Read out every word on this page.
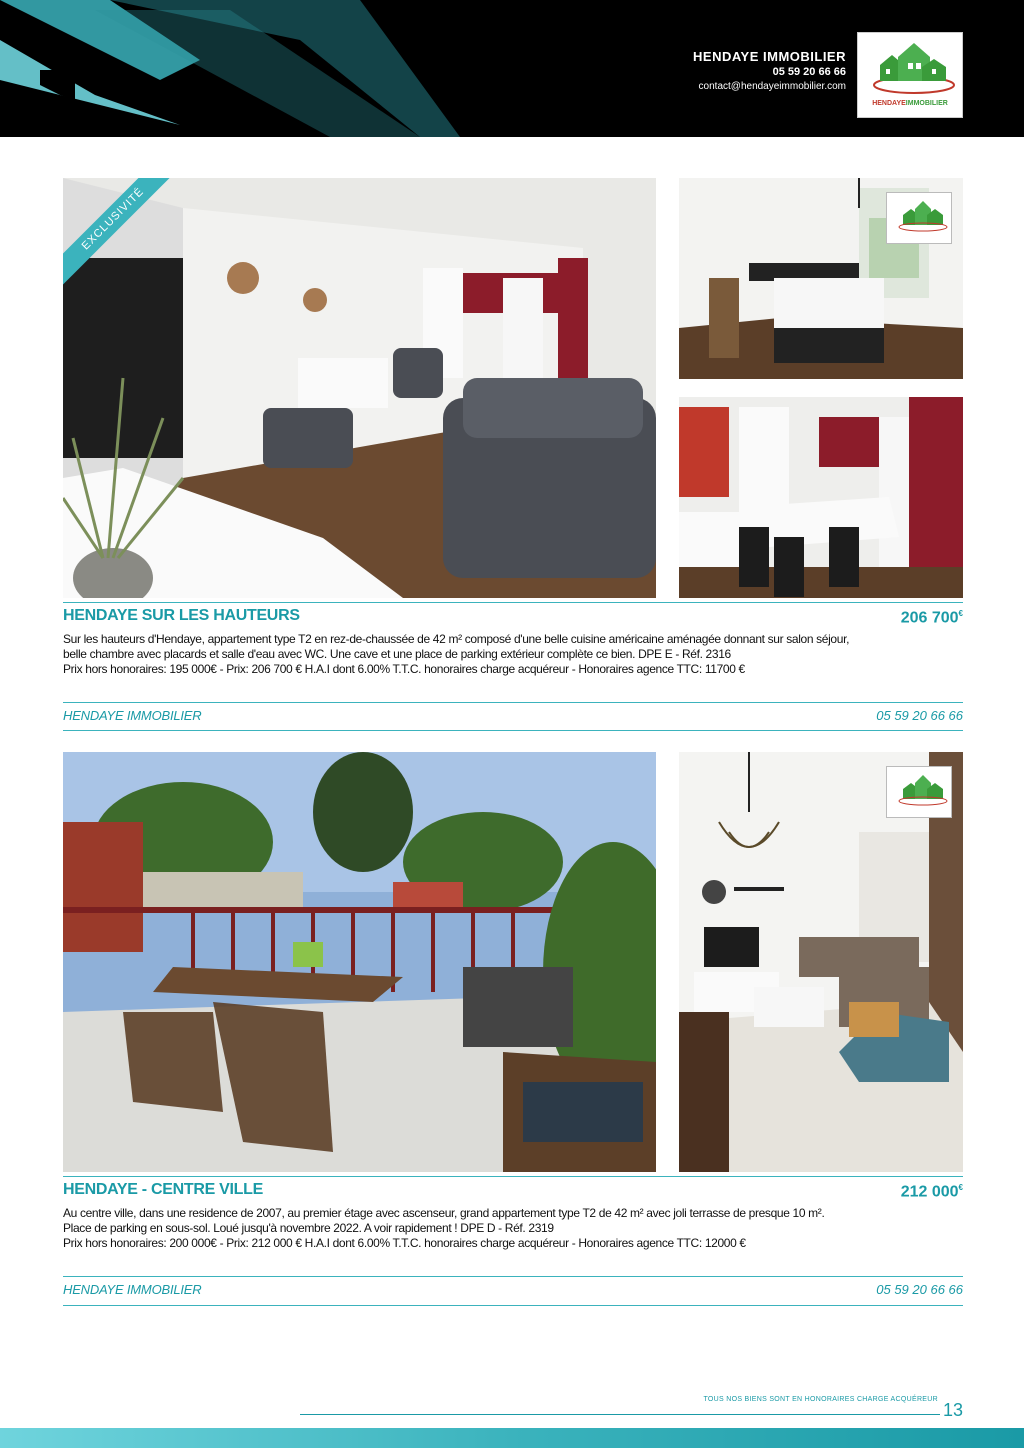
HENDAYE IMMOBILIER
05 59 20 66 66
contact@hendayeimmobilier.com
HENDAYEIMMOBILIER
EXCLUSIVITÉ
HENDAYE SUR LES HAUTEURS	206 700€
Sur les hauteurs d'Hendaye, appartement type T2 en rez-de-chaussée de 42 m² composé d'une belle cuisine américaine aménagée donnant sur salon séjour,
belle chambre avec placards et salle d'eau avec WC. Une cave et une place de parking extérieur complète ce bien. DPE E - Réf. 2316
Prix hors honoraires: 195 000€ - Prix: 206 700 € H.A.I dont 6.00% T.T.C. honoraires charge acquéreur - Honoraires agence TTC: 11700 €
HENDAYE IMMOBILIER	05 59 20 66 66
HENDAYE - CENTRE VILLE	212 000€
Au centre ville, dans une residence de 2007, au premier étage avec ascenseur, grand appartement type T2 de 42 m² avec joli terrasse de presque 10 m².
Place de parking en sous-sol. Loué jusqu'à novembre 2022. A voir rapidement ! DPE D - Réf. 2319
Prix hors honoraires: 200 000€ - Prix: 212 000 € H.A.I dont 6.00% T.T.C. honoraires charge acquéreur - Honoraires agence TTC: 12000 €
HENDAYE IMMOBILIER	05 59 20 66 66
TOUS NOS BIENS SONT EN HONORAIRES CHARGE ACQUÉREUR
13
